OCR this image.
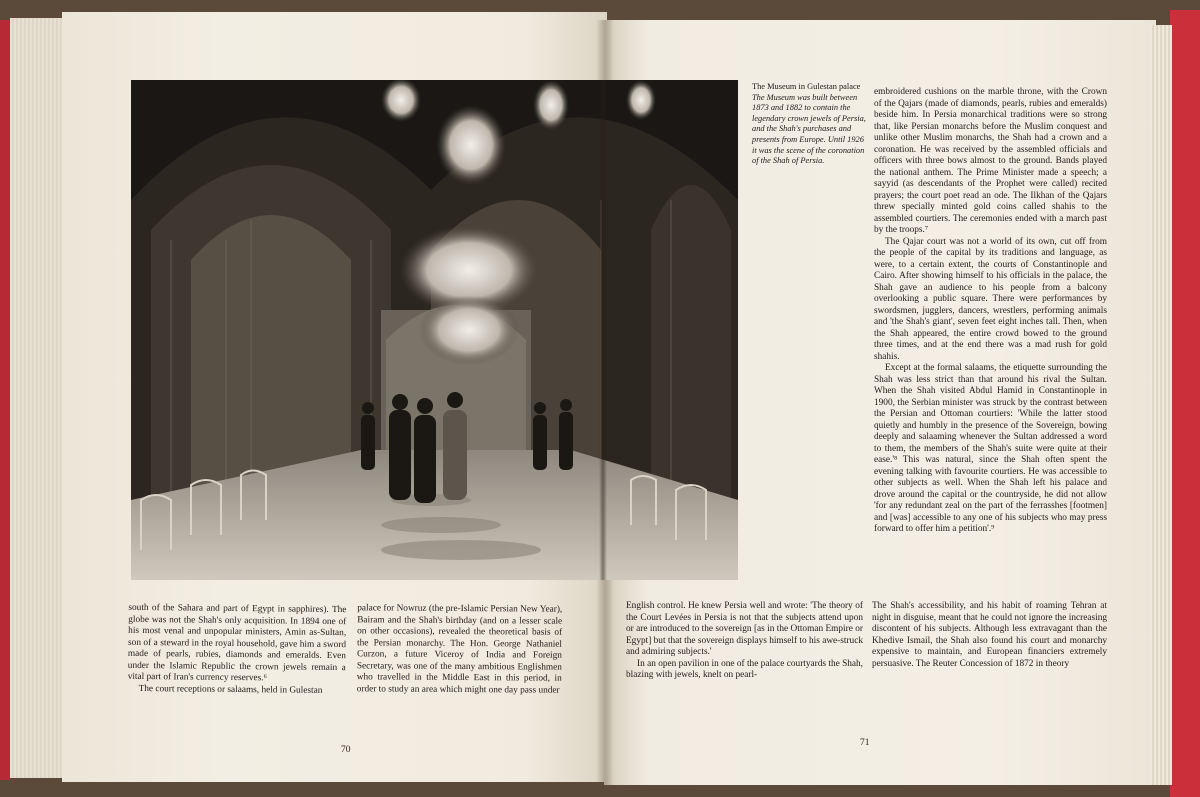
The Museum in Gulestan palace
The Museum was built between 1873 and 1882 to contain the legendary crown jewels of Persia, and the Shah's purchases and presents from Europe. Until 1926 it was the scene of the coronation of the Shah of Persia.

embroidered cushions on the marble throne, with the Crown of the Qajars (made of diamonds, pearls, rubies and emeralds) beside him. In Persia monarchical traditions were so strong that, like Persian monarchs before the Muslim conquest and unlike other Muslim monarchs, the Shah had a crown and a coronation. He was received by the assembled officials and officers with three bows almost to the ground. Bands played the national anthem. The Prime Minister made a speech; a sayyid (as descendants of the Prophet were called) recited prayers; the court poet read an ode. The Ilkhan of the Qajars threw specially minted gold coins called shahis to the assembled courtiers. The ceremonies ended with a march past by the troops.⁷

The Qajar court was not a world of its own, cut off from the people of the capital by its traditions and language, as were, to a certain extent, the courts of Constantinople and Cairo. After showing himself to his officials in the palace, the Shah gave an audience to his people from a balcony overlooking a public square. There were performances by swordsmen, jugglers, dancers, wrestlers, performing animals and 'the Shah's giant', seven feet eight inches tall. Then, when the Shah appeared, the entire crowd bowed to the ground three times, and at the end there was a mad rush for gold shahis.

Except at the formal salaams, the etiquette surrounding the Shah was less strict than that around his rival the Sultan. When the Shah visited Abdul Hamid in Constantinople in 1900, the Serbian minister was struck by the contrast between the Persian and Ottoman courtiers: 'While the latter stood quietly and humbly in the presence of the Sovereign, bowing deeply and salaaming whenever the Sultan addressed a word to them, the members of the Shah's suite were quite at their ease.'⁸ This was natural, since the Shah often spent the evening talking with favourite courtiers. He was accessible to other subjects as well. When the Shah left his palace and drove around the capital or the countryside, he did not allow 'for any redundant zeal on the part of the ferrasshes [footmen] and [was] accessible to any one of his subjects who may press forward to offer him a petition'.⁹

south of the Sahara and part of Egypt in sapphires). The globe was not the Shah's only acquisition. In 1894 one of his most venal and unpopular ministers, Amin as-Sultan, son of a steward in the royal household, gave him a sword made of pearls, rubies, diamonds and emeralds. Even under the Islamic Republic the crown jewels remain a vital part of Iran's currency reserves.⁶

The court receptions or salaams, held in Gulestan

palace for Nowruz (the pre-Islamic Persian New Year), Bairam and the Shah's birthday (and on a lesser scale on other occasions), revealed the theoretical basis of the Persian monarchy. The Hon. George Nathaniel Curzon, a future Viceroy of India and Foreign Secretary, was one of the many ambitious Englishmen who travelled in the Middle East in this period, in order to study an area which might one day pass under

English control. He knew Persia well and wrote: 'The theory of the Court Levées in Persia is not that the subjects attend upon or are introduced to the sovereign [as in the Ottoman Empire or Egypt] but that the sovereign displays himself to his awe-struck and admiring subjects.'

In an open pavilion in one of the palace courtyards the Shah, blazing with jewels, knelt on pearl-

The Shah's accessibility, and his habit of roaming Tehran at night in disguise, meant that he could not ignore the increasing discontent of his subjects. Although less extravagant than the Khedive Ismail, the Shah also found his court and monarchy expensive to maintain, and European financiers extremely persuasive. The Reuter Concession of 1872 in theory

70
71
